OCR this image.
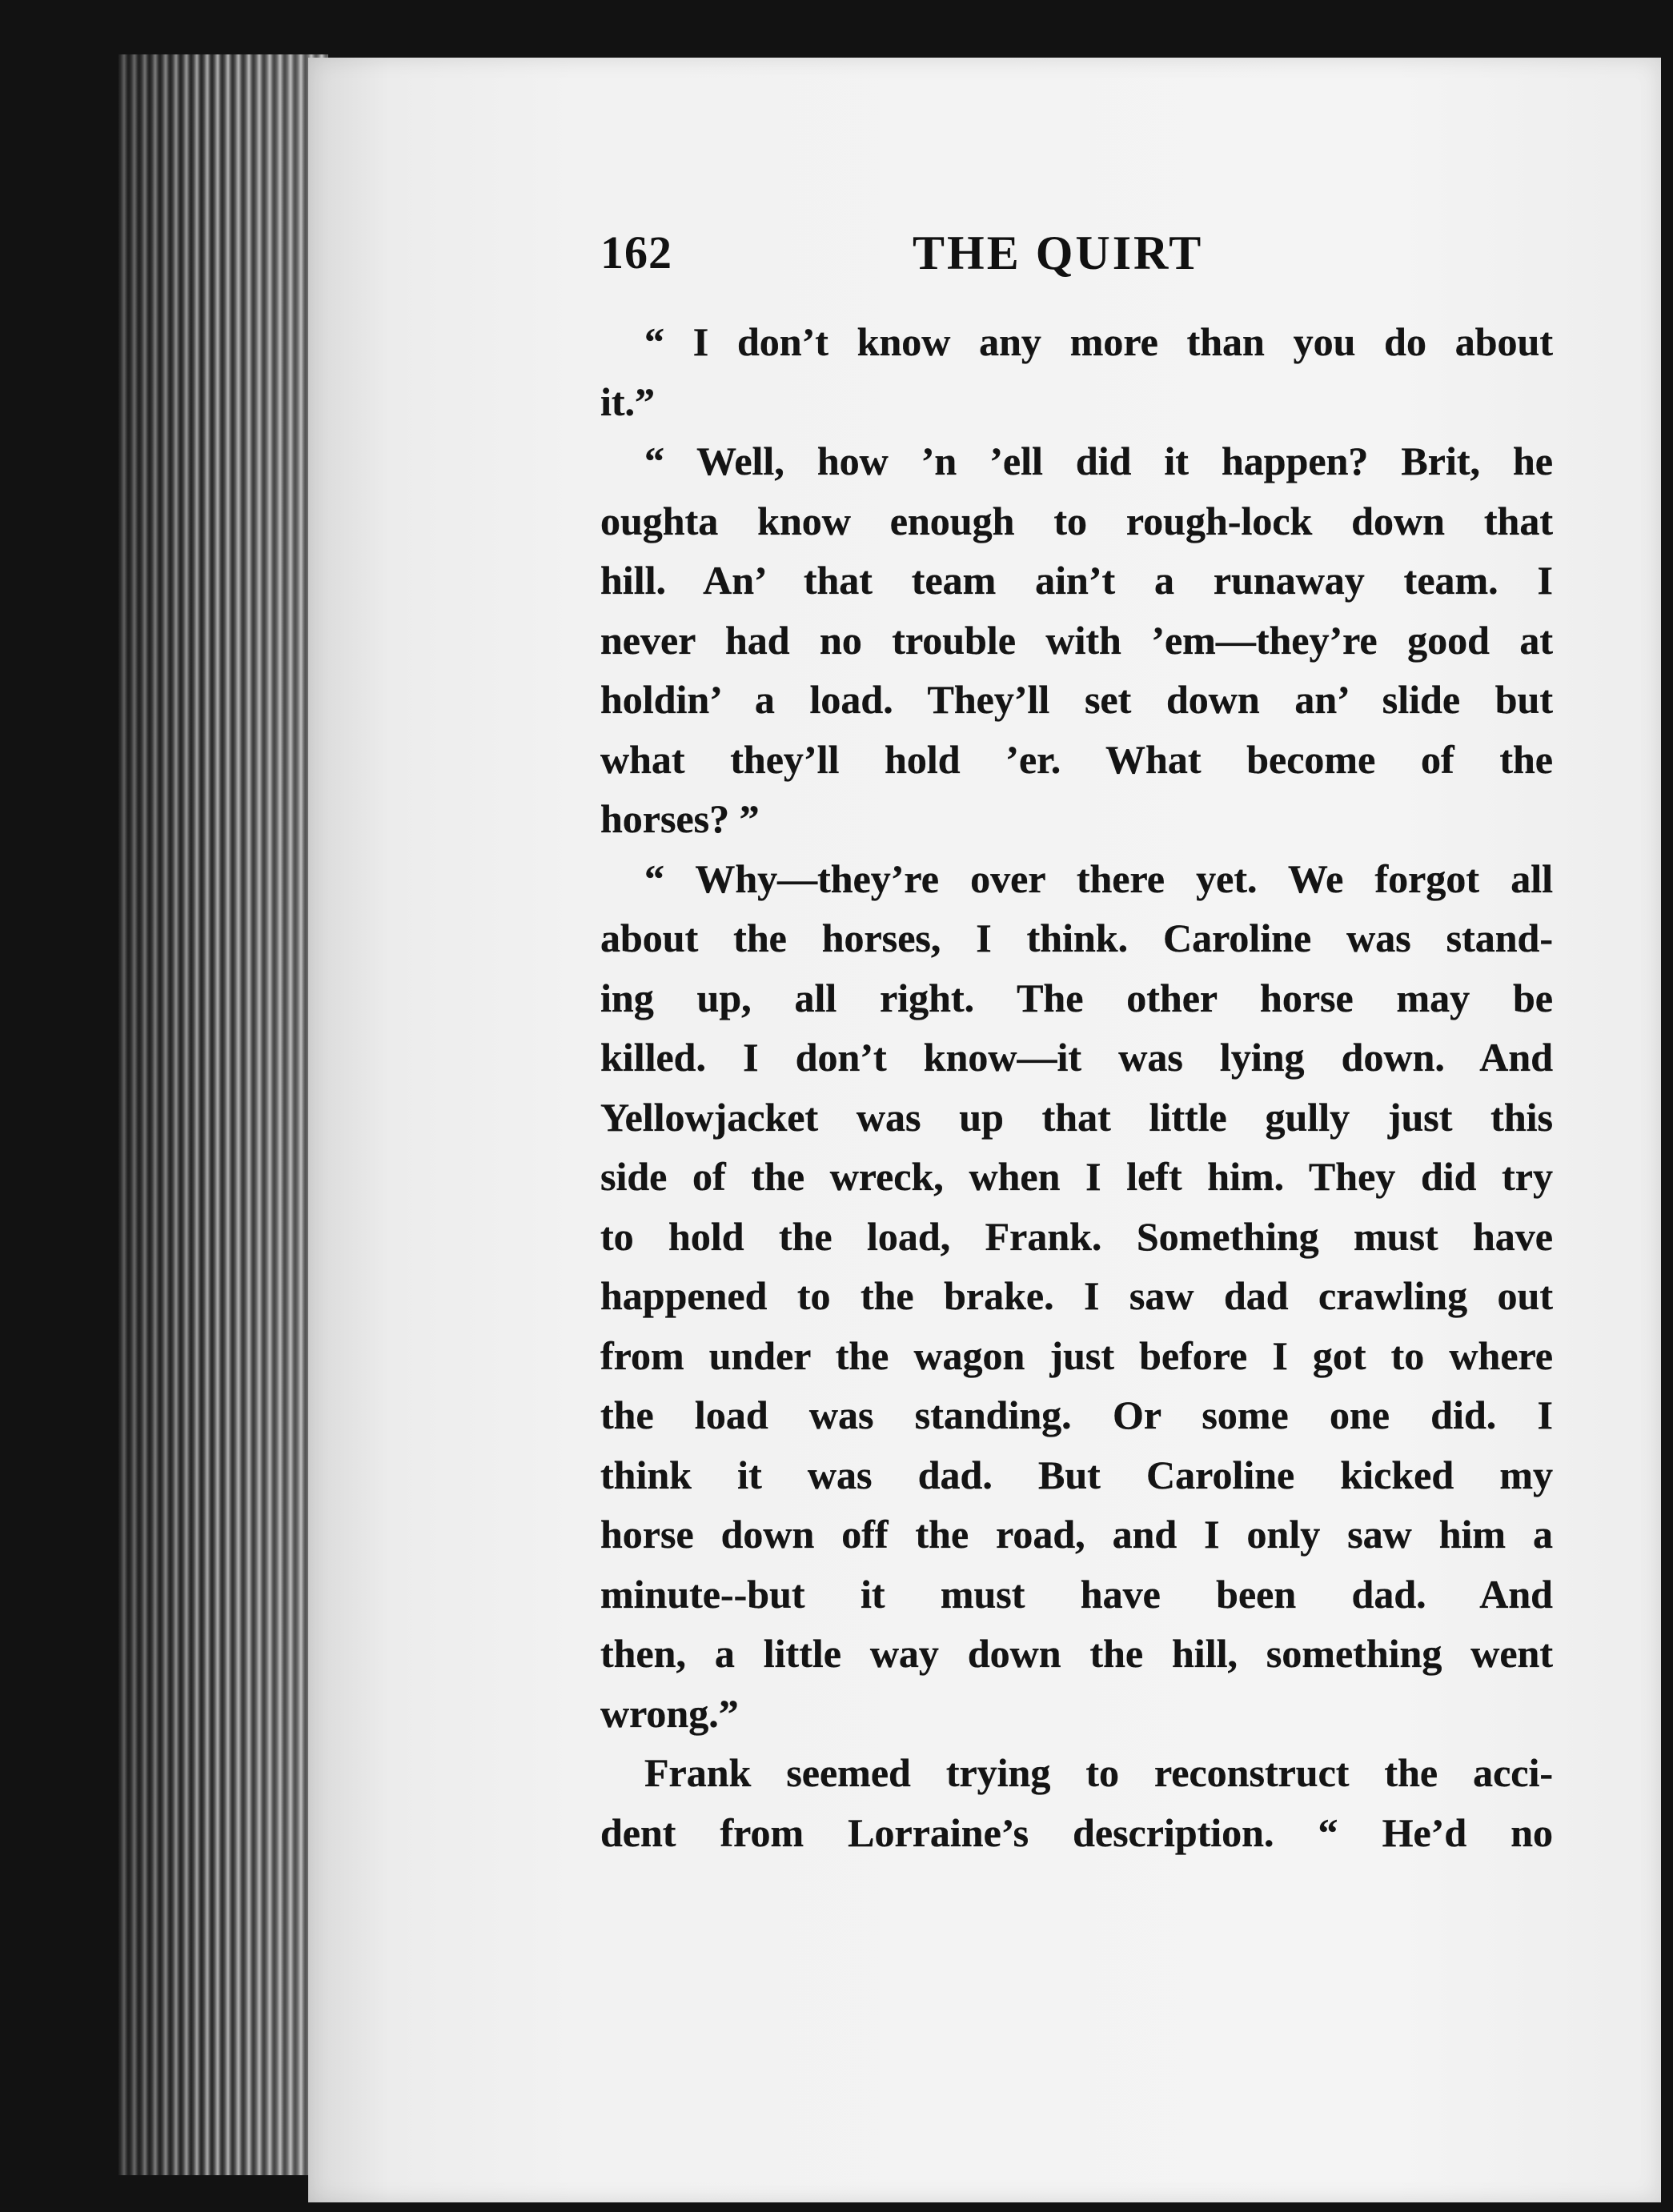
162	THE QUIRT
“ I don’t know any more than you do about
it.”
“ Well, how ’n ’ell did it happen? Brit, he
oughta know enough to rough-lock down that
hill. An’ that team ain’t a runaway team. I
never had no trouble with ’em—they’re good at
holdin’ a load. They’ll set down an’ slide but
what they’ll hold ’er. What become of the
horses? ”
“ Why—they’re over there yet. We forgot all
about the horses, I think. Caroline was stand-
ing up, all right. The other horse may be
killed. I don’t know—it was lying down. And
Yellowjacket was up that little gully just this
side of the wreck, when I left him. They did try
to hold the load, Frank. Something must have
happened to the brake. I saw dad crawling out
from under the wagon just before I got to where
the load was standing. Or some one did. I
think it was dad. But Caroline kicked my
horse down off the road, and I only saw him a
minute--but it must have been dad. And
then, a little way down the hill, something went
wrong.”
Frank seemed trying to reconstruct the acci-
dent from Lorraine’s description. “ He’d no
